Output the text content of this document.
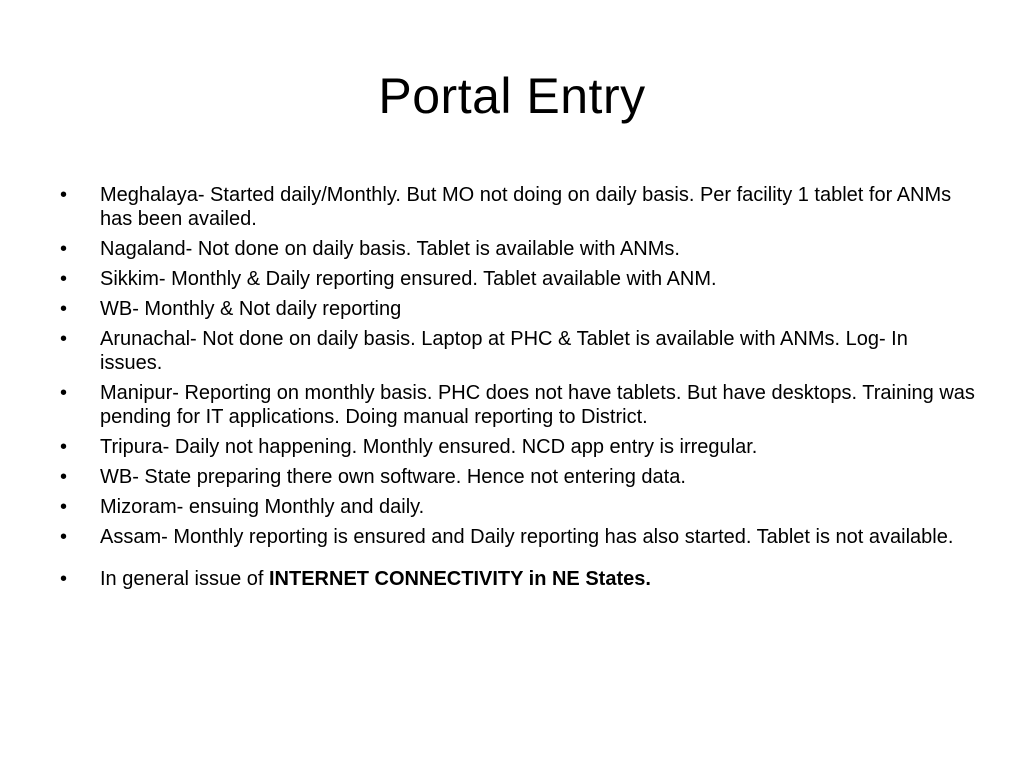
Portal Entry
•	Meghalaya- Started daily/Monthly. But MO not doing on daily basis. Per facility 1 tablet for ANMs has been availed.
•	Nagaland- Not done on daily basis. Tablet is available with ANMs.
•	Sikkim- Monthly & Daily reporting ensured. Tablet available with ANM.
•	WB- Monthly & Not daily reporting
•	Arunachal- Not done on daily basis. Laptop at PHC & Tablet is available with ANMs. Log- In issues.
•	Manipur- Reporting on monthly basis. PHC does not have tablets. But have desktops. Training was pending for IT applications. Doing manual reporting to District.
•	Tripura- Daily not happening. Monthly ensured. NCD app entry is irregular.
•	WB- State preparing there own software. Hence not entering data.
•	Mizoram- ensuing Monthly and daily.
•	Assam- Monthly reporting is ensured and Daily reporting has also started. Tablet is not available.
•	In general issue of INTERNET CONNECTIVITY in NE States.
